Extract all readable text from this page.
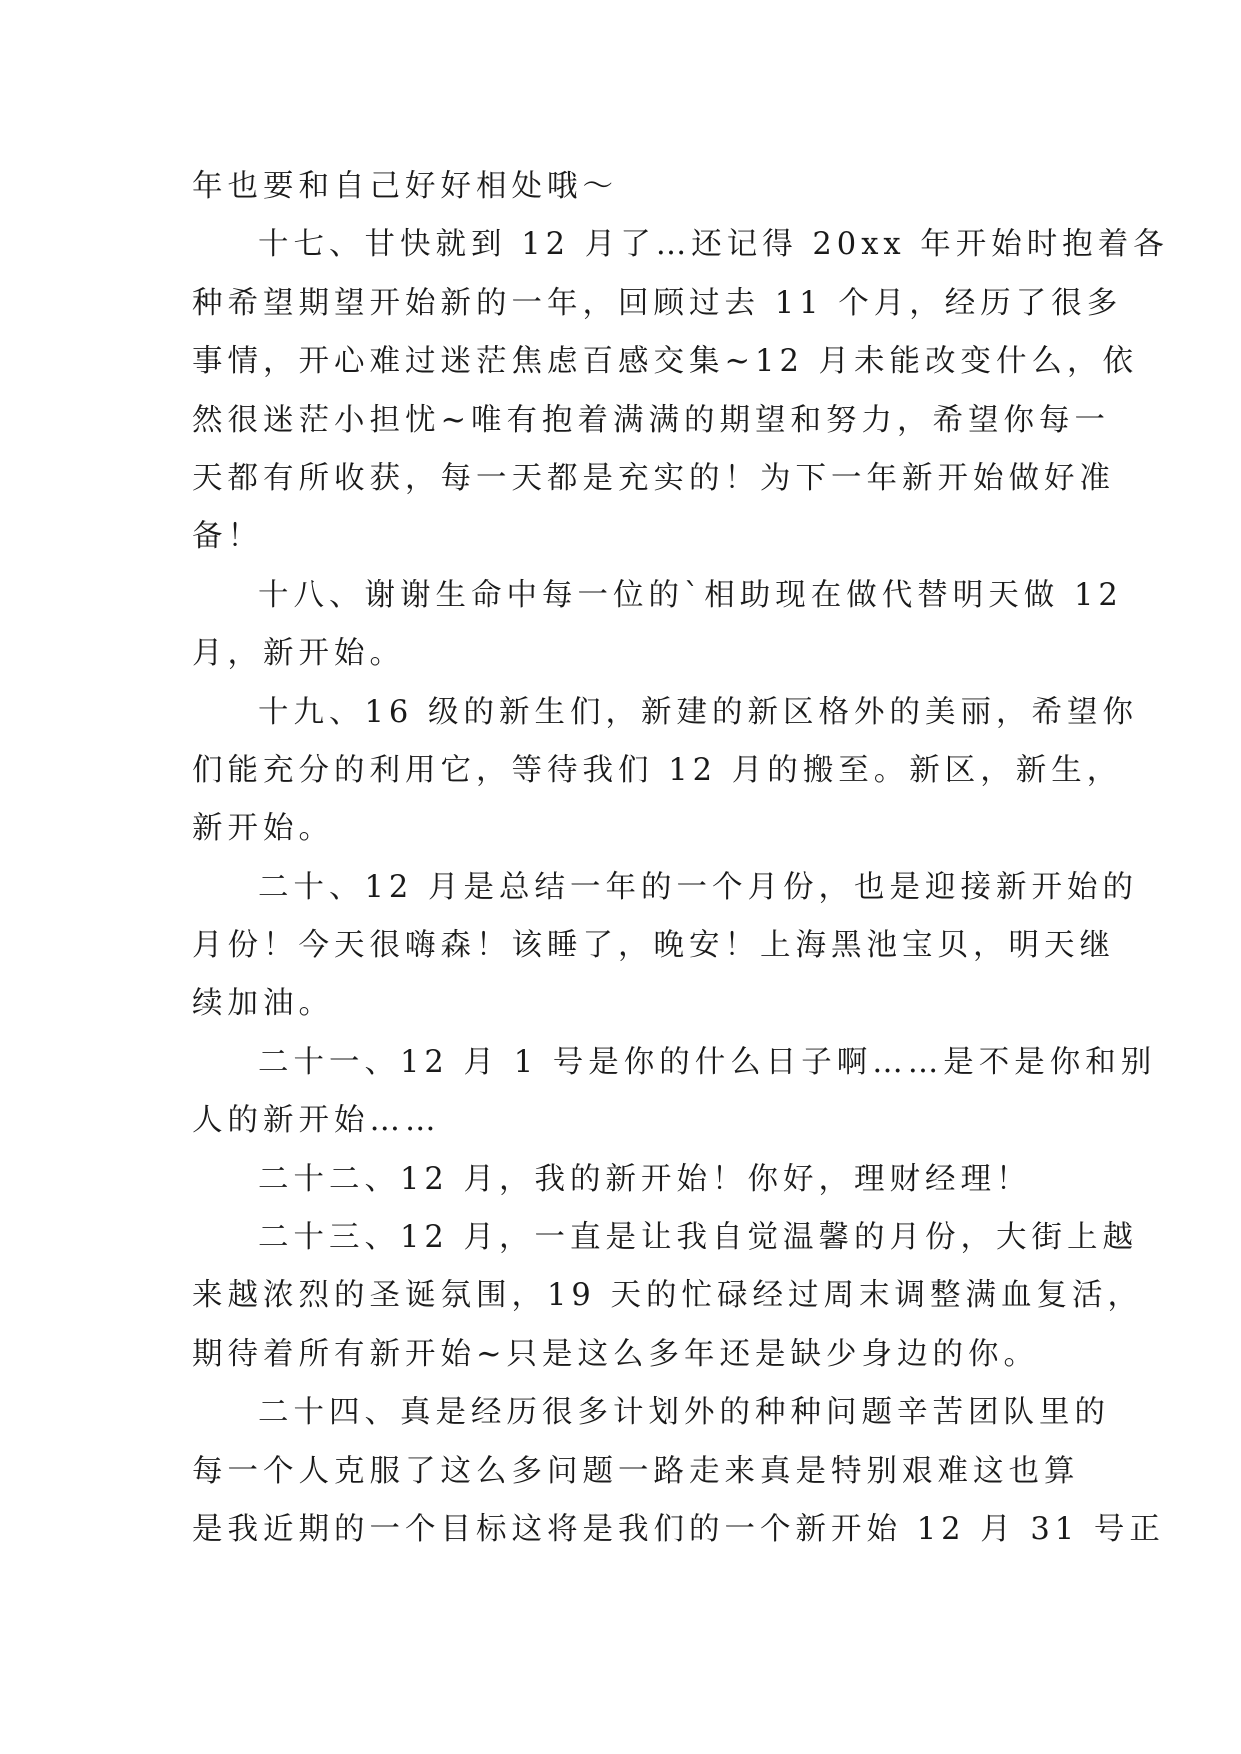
年也要和自己好好相处哦～
十七、甘快就到 12 月了…还记得 20xx 年开始时抱着各
种希望期望开始新的一年，回顾过去 11 个月，经历了很多
事情，开心难过迷茫焦虑百感交集~12 月未能改变什么，依
然很迷茫小担忧~唯有抱着满满的期望和努力，希望你每一
天都有所收获，每一天都是充实的！为下一年新开始做好准
备！
十八、谢谢生命中每一位的`相助现在做代替明天做 12
月，新开始。
十九、16 级的新生们，新建的新区格外的美丽，希望你
们能充分的利用它，等待我们 12 月的搬至。新区，新生，
新开始。
二十、12 月是总结一年的一个月份，也是迎接新开始的
月份！今天很嗨森！该睡了，晚安！上海黑池宝贝，明天继
续加油。
二十一、12 月 1 号是你的什么日子啊……是不是你和别
人的新开始……
二十二、12 月，我的新开始！你好，理财经理！
二十三、12 月，一直是让我自觉温馨的月份，大街上越
来越浓烈的圣诞氛围，19 天的忙碌经过周末调整满血复活，
期待着所有新开始~只是这么多年还是缺少身边的你。
二十四、真是经历很多计划外的种种问题辛苦团队里的
每一个人克服了这么多问题一路走来真是特别艰难这也算
是我近期的一个目标这将是我们的一个新开始 12 月 31 号正
